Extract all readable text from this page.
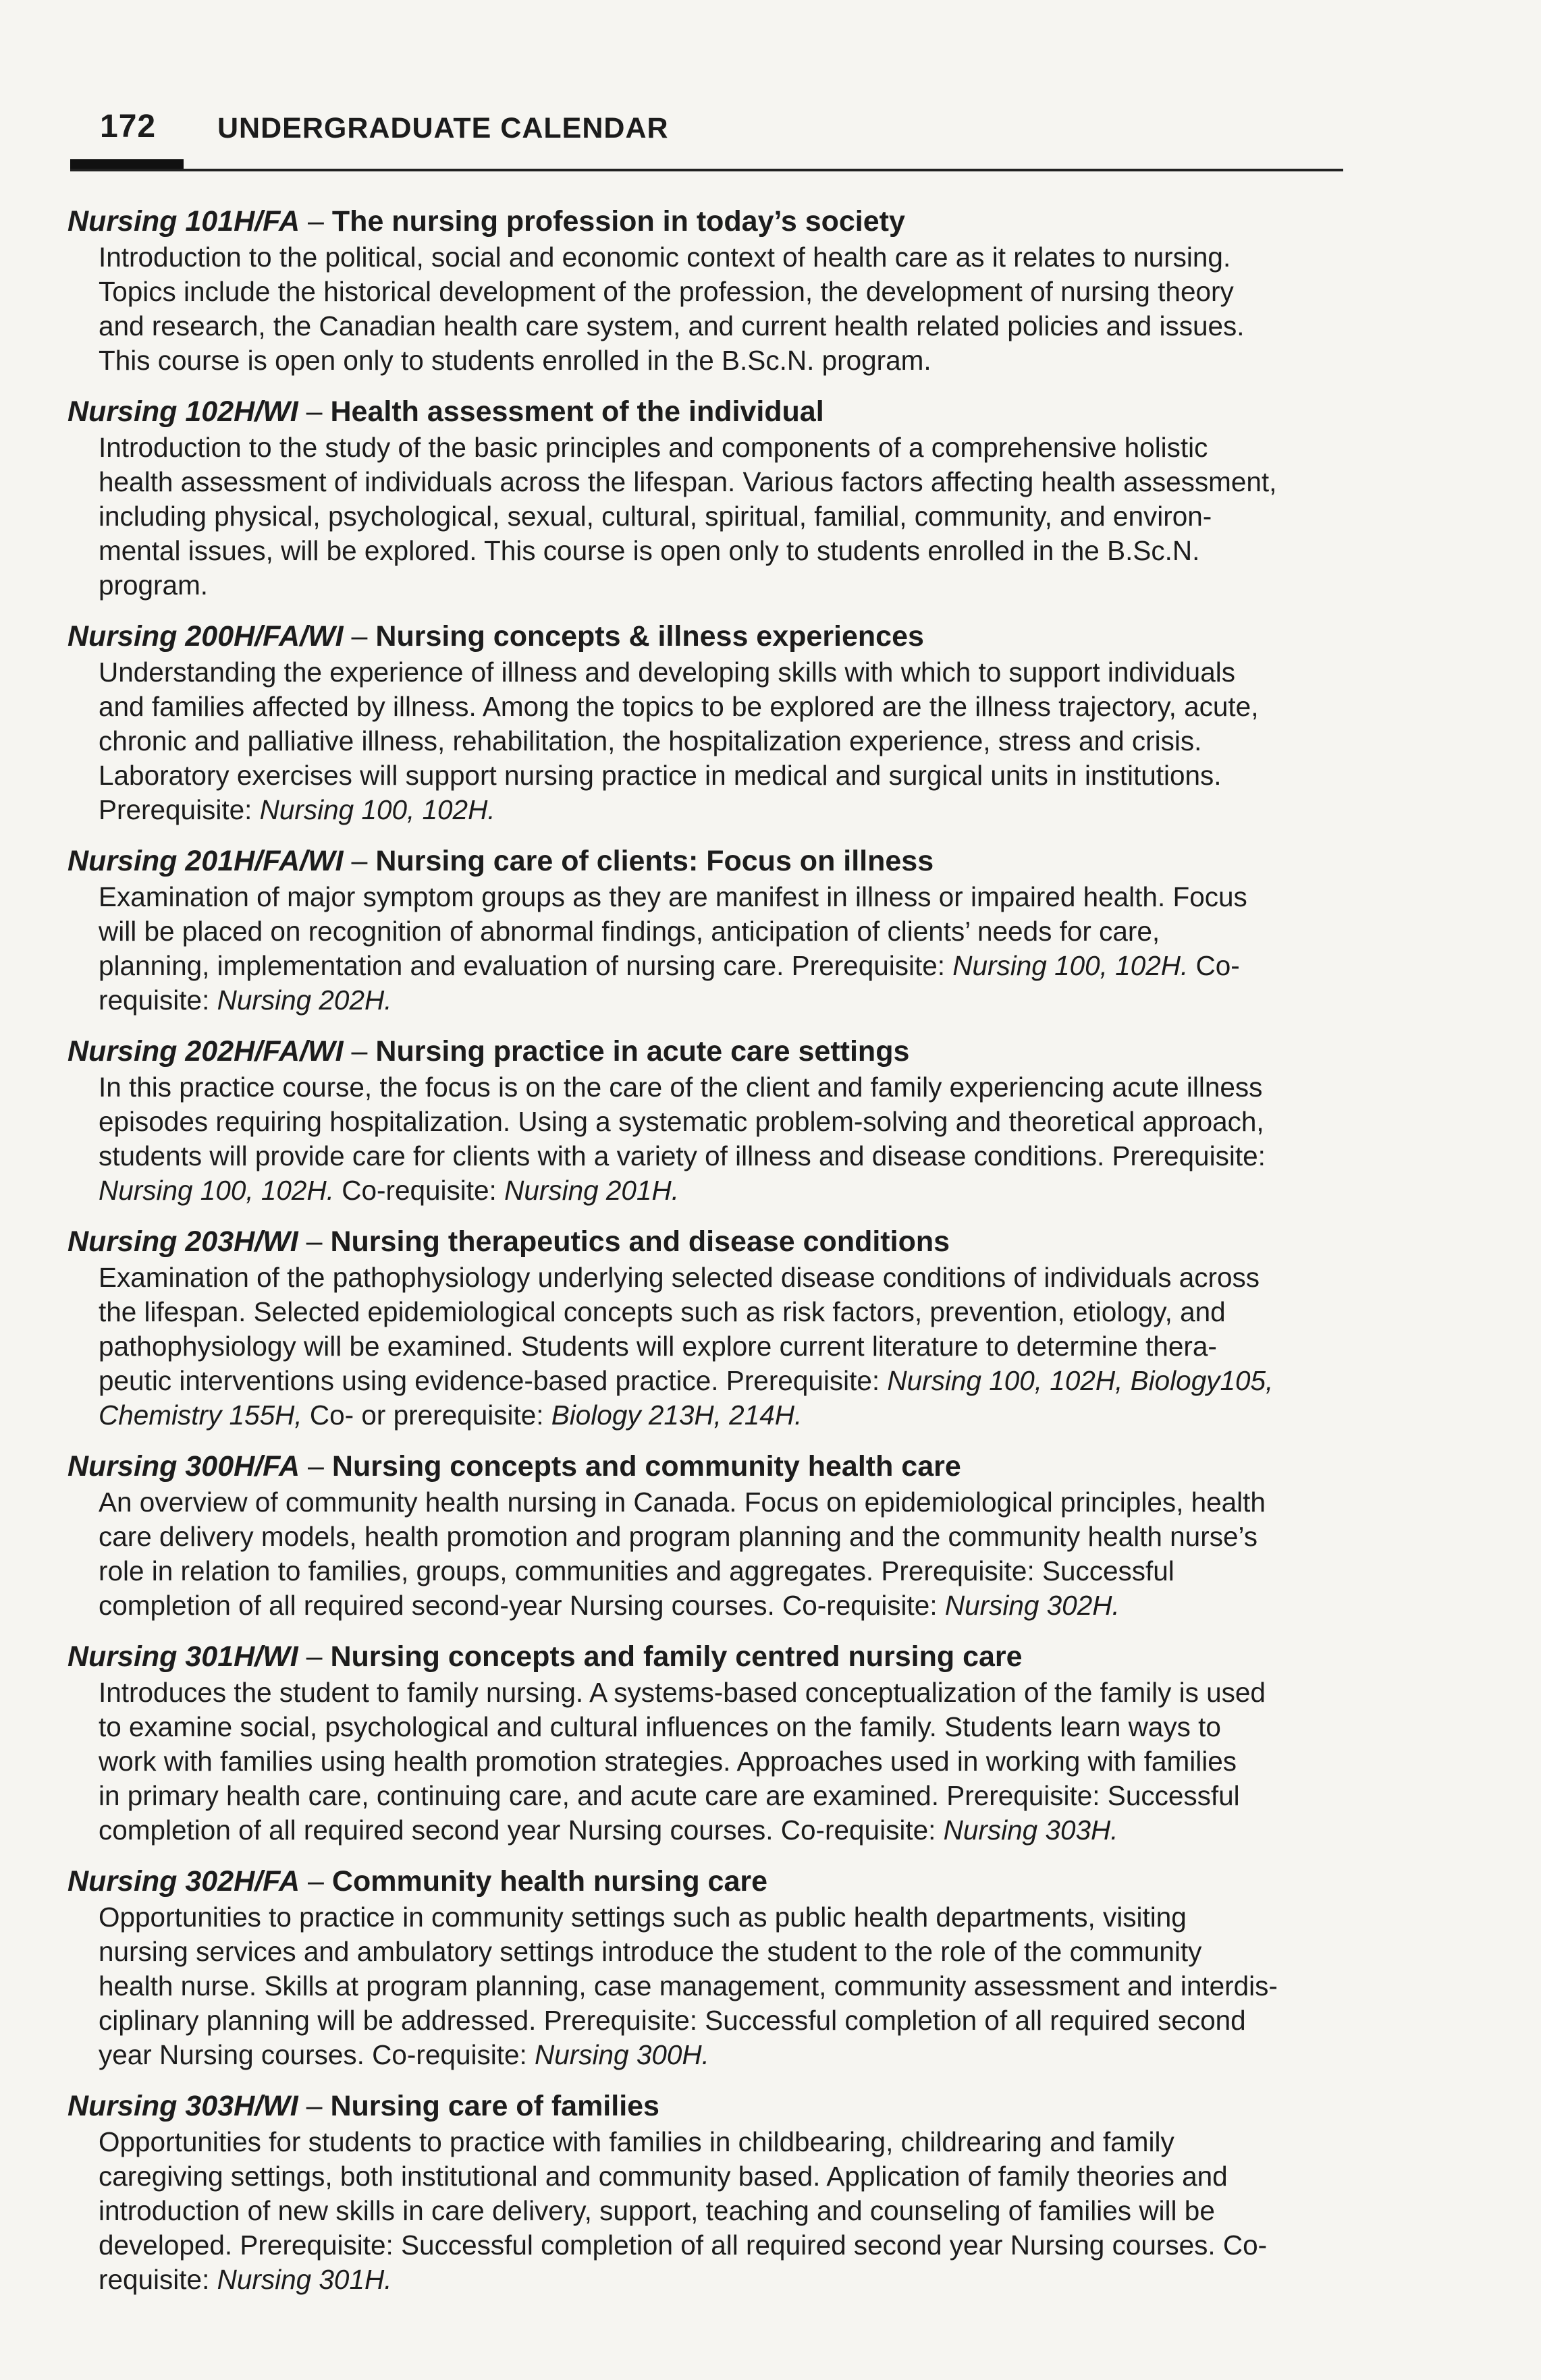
172 UNDERGRADUATE CALENDAR
Nursing 101H/FA – The nursing profession in today’s society
Introduction to the political, social and economic context of health care as it relates to nursing.
Topics include the historical development of the profession, the development of nursing theory
and research, the Canadian health care system, and current health related policies and issues.
This course is open only to students enrolled in the B.Sc.N. program.
Nursing 102H/WI – Health assessment of the individual
Introduction to the study of the basic principles and components of a comprehensive holistic
health assessment of individuals across the lifespan. Various factors affecting health assessment,
including physical, psychological, sexual, cultural, spiritual, familial, community, and environ-
mental issues, will be explored. This course is open only to students enrolled in the B.Sc.N.
program.
Nursing 200H/FA/WI – Nursing concepts & illness experiences
Understanding the experience of illness and developing skills with which to support individuals
and families affected by illness. Among the topics to be explored are the illness trajectory, acute,
chronic and palliative illness, rehabilitation, the hospitalization experience, stress and crisis.
Laboratory exercises will support nursing practice in medical and surgical units in institutions.
Prerequisite: Nursing 100, 102H.
Nursing 201H/FA/WI – Nursing care of clients: Focus on illness
Examination of major symptom groups as they are manifest in illness or impaired health. Focus
will be placed on recognition of abnormal findings, anticipation of clients’ needs for care,
planning, implementation and evaluation of nursing care. Prerequisite: Nursing 100, 102H. Co-
requisite: Nursing 202H.
Nursing 202H/FA/WI – Nursing practice in acute care settings
In this practice course, the focus is on the care of the client and family experiencing acute illness
episodes requiring hospitalization. Using a systematic problem-solving and theoretical approach,
students will provide care for clients with a variety of illness and disease conditions. Prerequisite:
Nursing 100, 102H. Co-requisite: Nursing 201H.
Nursing 203H/WI – Nursing therapeutics and disease conditions
Examination of the pathophysiology underlying selected disease conditions of individuals across
the lifespan. Selected epidemiological concepts such as risk factors, prevention, etiology, and
pathophysiology will be examined. Students will explore current literature to determine thera-
peutic interventions using evidence-based practice. Prerequisite: Nursing 100, 102H, Biology105,
Chemistry 155H, Co- or prerequisite: Biology 213H, 214H.
Nursing 300H/FA – Nursing concepts and community health care
An overview of community health nursing in Canada. Focus on epidemiological principles, health
care delivery models, health promotion and program planning and the community health nurse’s
role in relation to families, groups, communities and aggregates. Prerequisite: Successful
completion of all required second-year Nursing courses. Co-requisite: Nursing 302H.
Nursing 301H/WI – Nursing concepts and family centred nursing care
Introduces the student to family nursing. A systems-based conceptualization of the family is used
to examine social, psychological and cultural influences on the family. Students learn ways to
work with families using health promotion strategies. Approaches used in working with families
in primary health care, continuing care, and acute care are examined. Prerequisite: Successful
completion of all required second year Nursing courses. Co-requisite: Nursing 303H.
Nursing 302H/FA – Community health nursing care
Opportunities to practice in community settings such as public health departments, visiting
nursing services and ambulatory settings introduce the student to the role of the community
health nurse. Skills at program planning, case management, community assessment and interdis-
ciplinary planning will be addressed. Prerequisite: Successful completion of all required second
year Nursing courses. Co-requisite: Nursing 300H.
Nursing 303H/WI – Nursing care of families
Opportunities for students to practice with families in childbearing, childrearing and family
caregiving settings, both institutional and community based. Application of family theories and
introduction of new skills in care delivery, support, teaching and counseling of families will be
developed. Prerequisite: Successful completion of all required second year Nursing courses. Co-
requisite: Nursing 301H.
